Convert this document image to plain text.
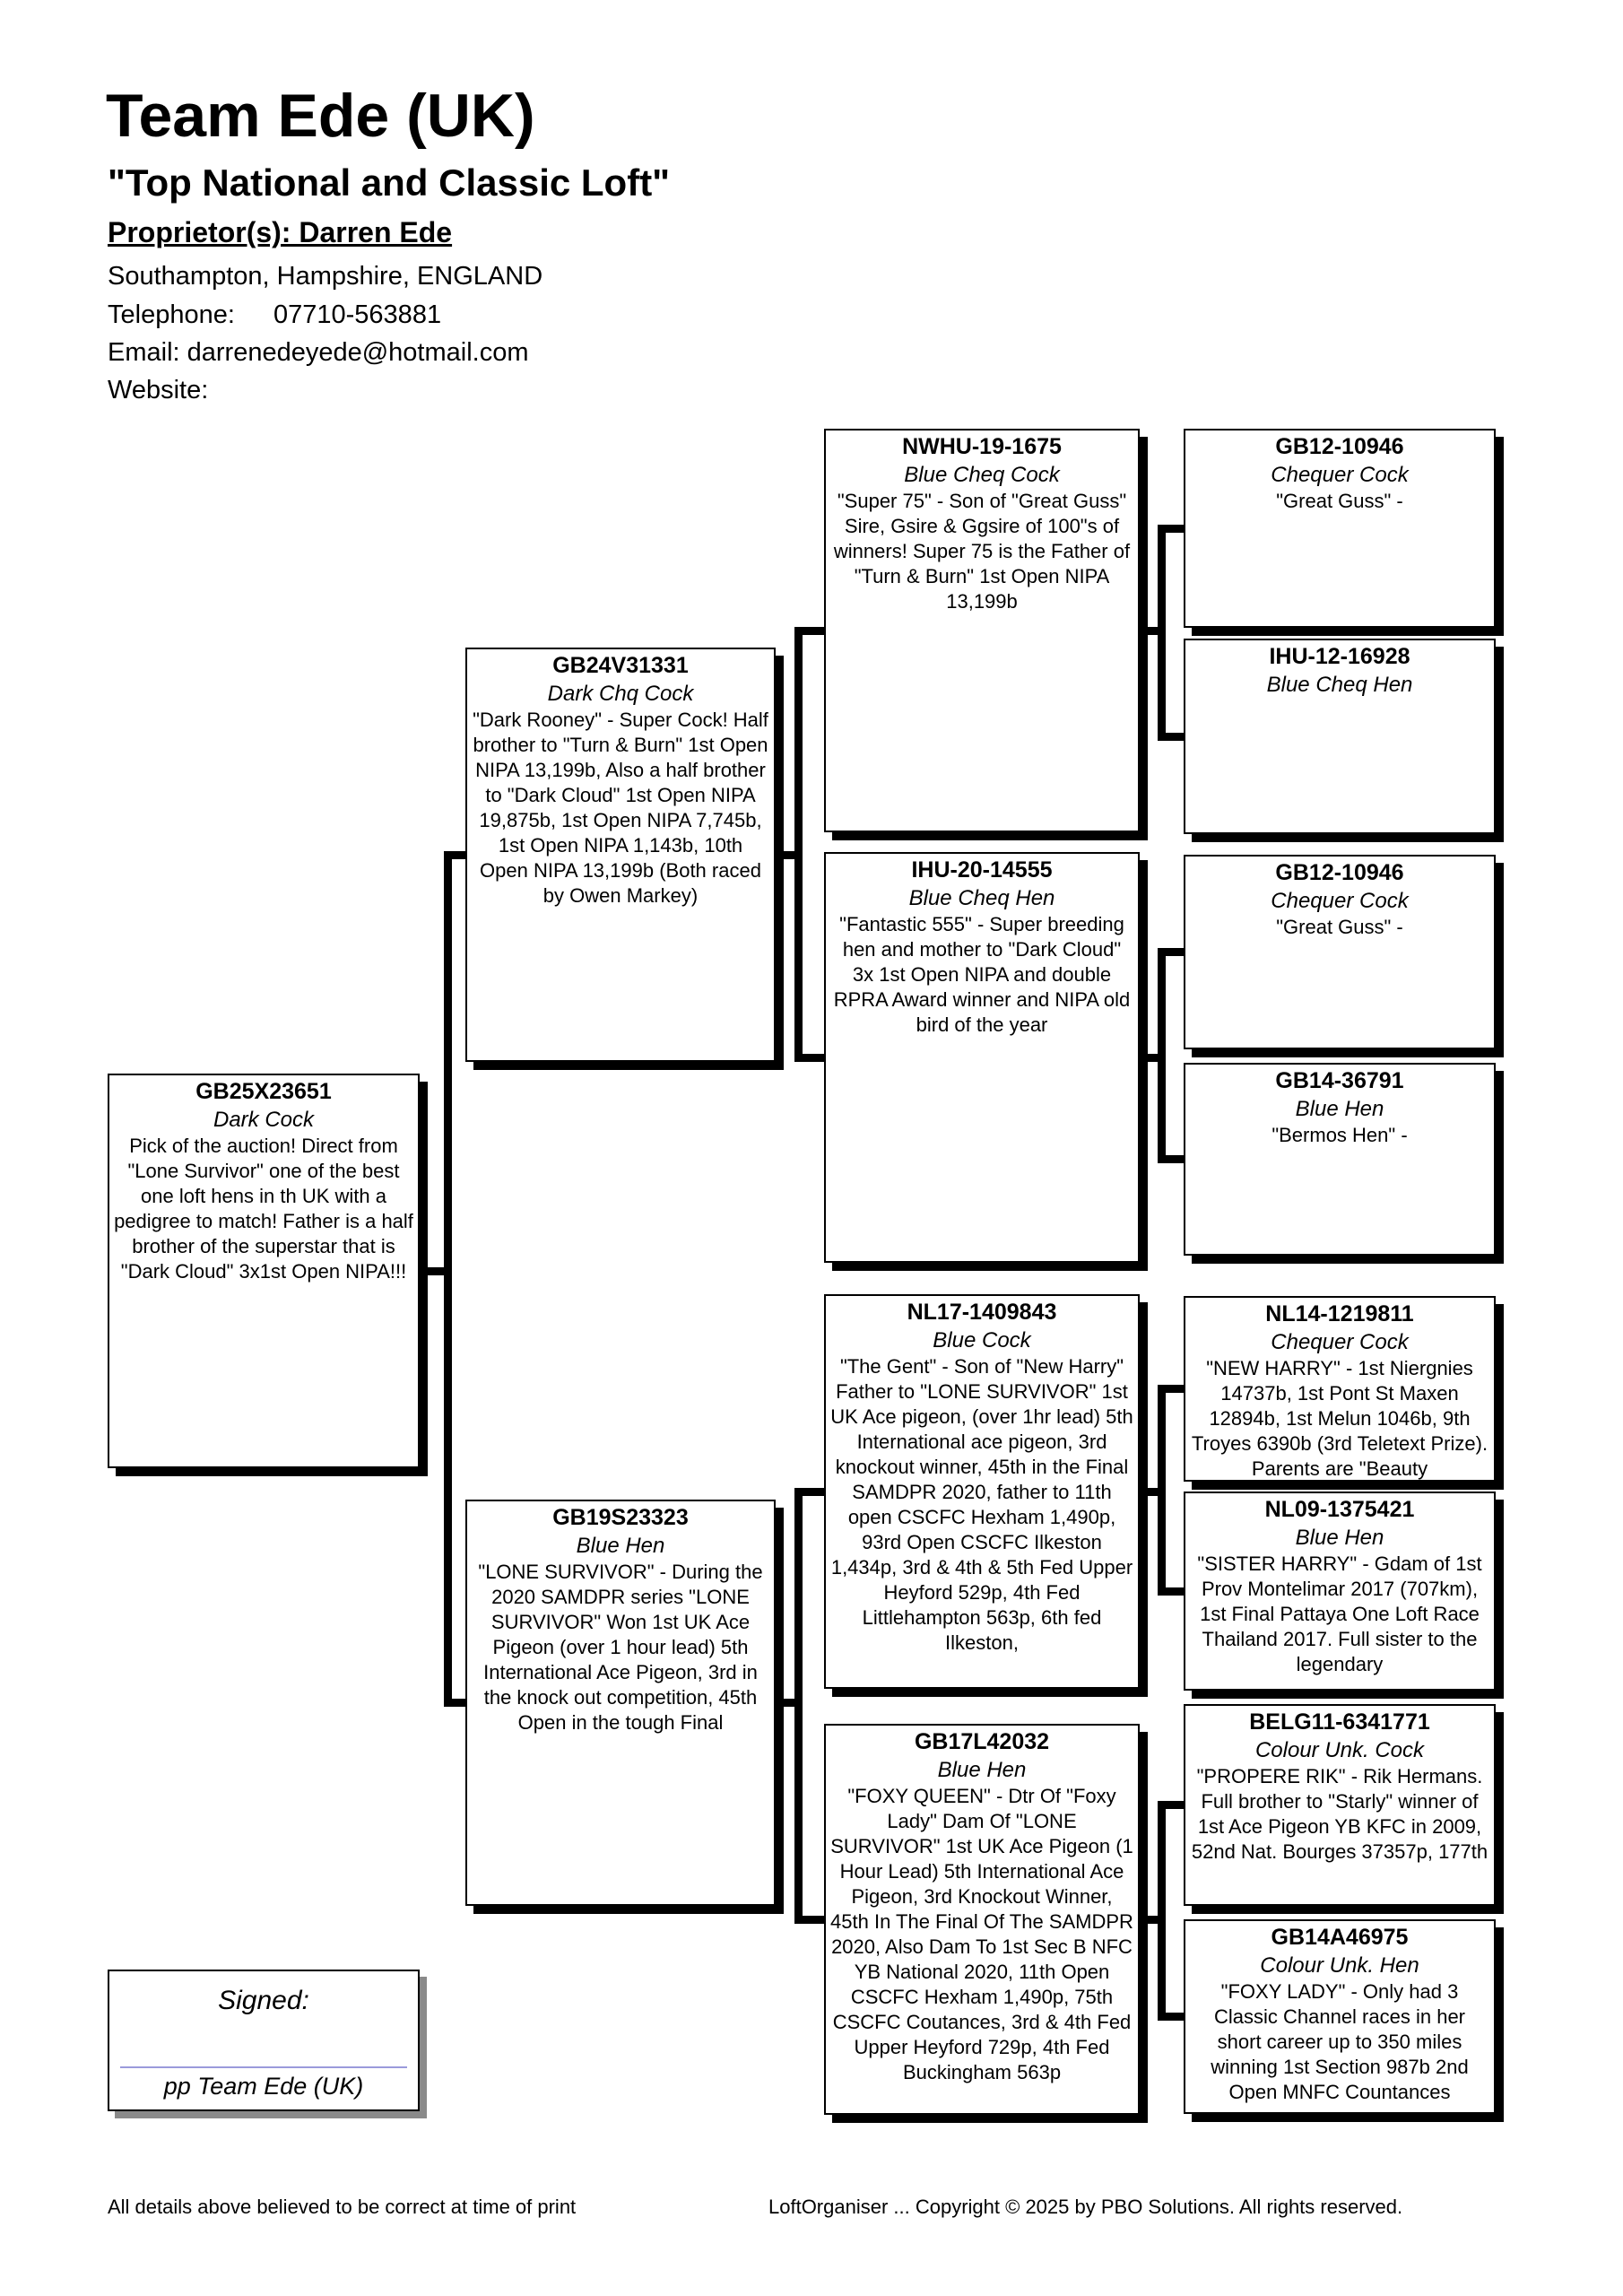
Team Ede (UK)
"Top National and Classic Loft"
Proprietor(s): Darren Ede
Southampton, Hampshire, ENGLAND
Telephone: 07710-563881
Email: darrenedeyede@hotmail.com
Website:
GB25X23651
Dark Cock
Pick of the auction! Direct from "Lone Survivor" one of the best one loft hens in th UK with a pedigree to match! Father is a half brother of the superstar that is "Dark Cloud" 3x1st Open NIPA!!!
GB24V31331
Dark Chq Cock
"Dark Rooney" - Super Cock! Half brother to "Turn & Burn" 1st Open NIPA 13,199b, Also a half brother to "Dark Cloud" 1st Open NIPA 19,875b, 1st Open NIPA 7,745b, 1st Open NIPA 1,143b, 10th Open NIPA 13,199b (Both raced by Owen Markey)
GB19S23323
Blue Hen
"LONE SURVIVOR" - During the 2020 SAMDPR series "LONE SURVIVOR" Won 1st UK Ace Pigeon (over 1 hour lead) 5th International Ace Pigeon, 3rd in the knock out competition, 45th Open in the tough Final
NWHU-19-1675
Blue Cheq Cock
"Super 75" - Son of "Great Guss" Sire, Gsire & Ggsire of 100"s of winners! Super 75 is the Father of "Turn & Burn" 1st Open NIPA 13,199b
IHU-20-14555
Blue Cheq Hen
"Fantastic 555" - Super breeding hen and mother to "Dark Cloud" 3x 1st Open NIPA and double RPRA Award winner and NIPA old bird of the year
NL17-1409843
Blue Cock
"The Gent" - Son of "New Harry" Father to "LONE SURVIVOR" 1st UK Ace pigeon, (over 1hr lead) 5th International ace pigeon, 3rd knockout winner, 45th in the Final SAMDPR 2020, father to 11th open CSCFC Hexham 1,490p, 93rd Open CSCFC Ilkeston 1,434p, 3rd & 4th & 5th Fed Upper Heyford 529p, 4th Fed Littlehampton 563p, 6th fed Ilkeston,
GB17L42032
Blue Hen
"FOXY QUEEN" - Dtr Of "Foxy Lady" Dam Of "LONE SURVIVOR" 1st UK Ace Pigeon (1 Hour Lead) 5th International Ace Pigeon, 3rd Knockout Winner, 45th In The Final Of The SAMDPR 2020, Also Dam To 1st Sec B NFC YB National 2020, 11th Open CSCFC Hexham 1,490p, 75th CSCFC Coutances, 3rd & 4th Fed Upper Heyford 729p, 4th Fed Buckingham 563p
GB12-10946
Chequer Cock
"Great Guss" -
IHU-12-16928
Blue Cheq Hen
GB12-10946
Chequer Cock
"Great Guss" -
GB14-36791
Blue Hen
"Bermos Hen" -
NL14-1219811
Chequer Cock
"NEW HARRY" - 1st Niergnies 14737b, 1st Pont St Maxen 12894b, 1st Melun 1046b, 9th Troyes 6390b (3rd Teletext Prize). Parents are "Beauty
NL09-1375421
Blue Hen
"SISTER HARRY" - Gdam of 1st Prov Montelimar 2017 (707km), 1st Final Pattaya One Loft Race Thailand 2017. Full sister to the legendary
BELG11-6341771
Colour Unk. Cock
"PROPERE RIK" - Rik Hermans. Full brother to "Starly" winner of 1st Ace Pigeon YB KFC in 2009, 52nd Nat. Bourges 37357p, 177th
GB14A46975
Colour Unk. Hen
"FOXY LADY" - Only had 3 Classic Channel races in her short career up to 350 miles winning 1st Section 987b 2nd Open MNFC Countances
Signed:
pp Team Ede (UK)
All details above believed to be correct at time of print	LoftOrganiser ... Copyright © 2025 by PBO Solutions. All rights reserved.
